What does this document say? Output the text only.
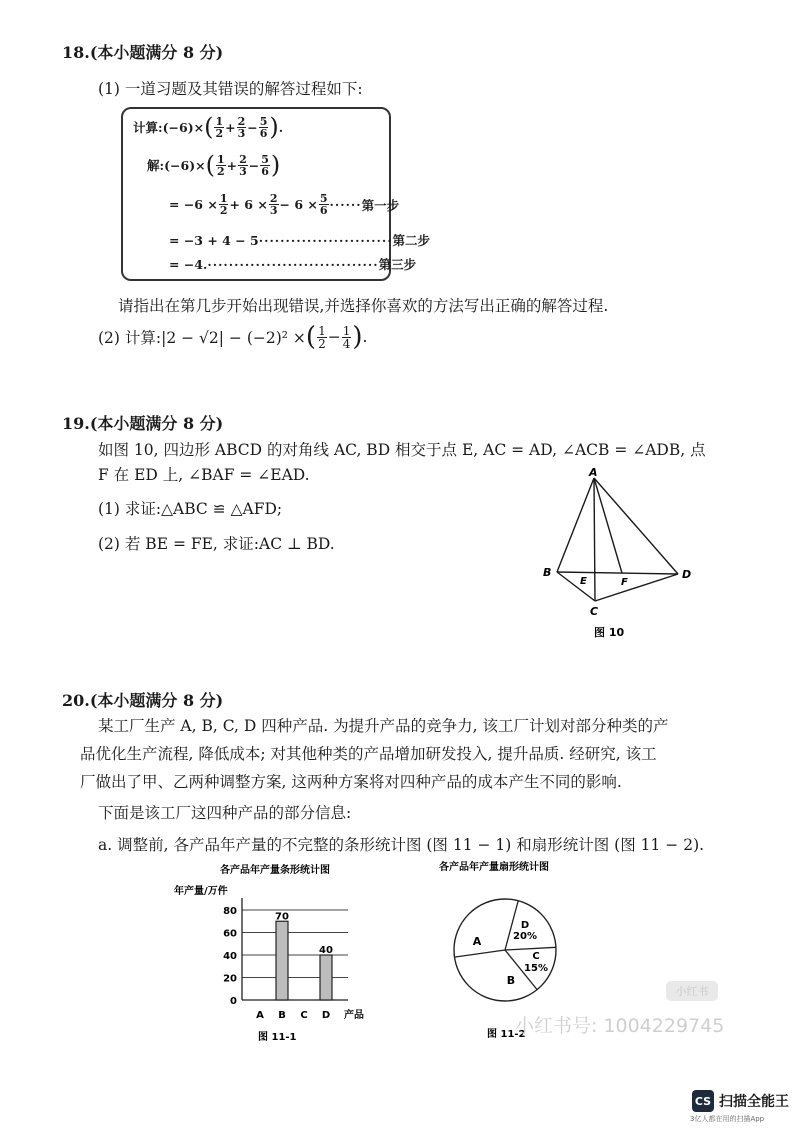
18.(本小题满分 8 分)
(1) 一道习题及其错误的解答过程如下:
计算: (−6)× ( $\frac{1}{2} + \frac{2}{3} - \frac{5}{6}$ ) .
解: (−6)× ( $\frac{1}{2} + \frac{2}{3} - \frac{5}{6}$ )
= $-6 \times \frac{1}{2} + 6 \times \frac{2}{3} - 6 \times \frac{5}{6}$ ······ 第一步
= −3 + 4 − 5 ························· 第二步
= −4. ································ 第三步
请指出在第几步开始出现错误,并选择你喜欢的方法写出正确的解答过程.
(2) 计算:|2 − √2| − (−2)² × ( $\frac{1}{2} - \frac{1}{4}$ ) .
19.(本小题满分 8 分)
如图 10, 四边形 ABCD 的对角线 AC, BD 相交于点 E, AC = AD, ∠ACB = ∠ADB, 点
F 在 ED 上, ∠BAF = ∠EAD.
(1) 求证:△ABC ≌ △AFD;
(2) 若 BE = FE, 求证:AC ⊥ BD.
A
B
C
D
E	F
图 10
20.(本小题满分 8 分)
某工厂生产 A, B, C, D 四种产品. 为提升产品的竞争力, 该工厂计划对部分种类的产
品优化生产流程, 降低成本; 对其他种类的产品增加研发投入, 提升品质. 经研究, 该工
厂做出了甲、乙两种调整方案, 这两种方案将对四种产品的成本产生不同的影响.
下面是该工厂这四种产品的部分信息:
a. 调整前, 各产品年产量的不完整的条形统计图 (图 11 − 1) 和扇形统计图 (图 11 − 2).
各产品年产量条形统计图
年产量/万件
产品
图 11-1
0
20
40
60
80	70
40
A B C D
各产品年产量扇形统计图
A
B
C
15%
D
20%
图 11-2
小红书
小红书号: 1004229745
CS 扫描全能王
3亿人都在用的扫描App
